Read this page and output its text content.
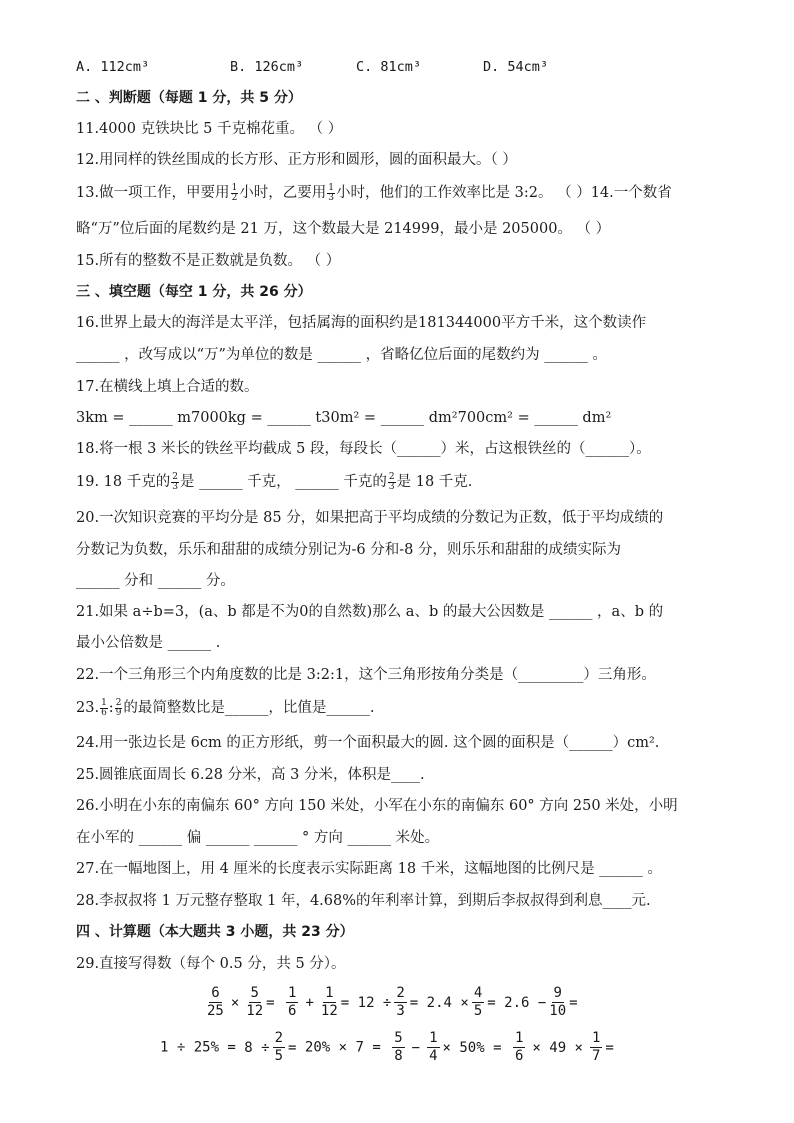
A. 112cm³	B. 126cm³	C. 81cm³	D. 54cm³
二 、判断题（每题 1 分，共 5 分）
11.4000 克铁块比 5 千克棉花重。 （ ）
12.用同样的铁丝围成的长方形、正方形和圆形，圆的面积最大。（ ）
13.做一项工作，甲要用 $\frac{1}{2}$ 小时，乙要用 $\frac{1}{3}$ 小时，他们的工作效率比是 3:2。 （ ）14.一个数省
略“万”位后面的尾数约是 21 万，这个数最大是 214999，最小是 205000。 （ ）
15.所有的整数不是正数就是负数。 （ ）
三 、填空题（每空 1 分，共 26 分）
16.世界上最大的海洋是太平洋，包括属海的面积约是181344000平方千米，这个数读作
______ ，改写成以“万”为单位的数是 ______ ，省略亿位后面的尾数约为 ______ 。
17.在横线上填上合适的数。
3km = ______ m7000kg = ______ t30m² = ______ dm²700cm² = ______ dm²
18.将一根 3 米长的铁丝平均截成 5 段，每段长（______）米，占这根铁丝的（______）。
19. 18 千克的 $\frac{2}{3}$ 是 ______ 千克， ______ 千克的 $\frac{2}{3}$ 是 18 千克.
20.一次知识竞赛的平均分是 85 分，如果把高于平均成绩的分数记为正数，低于平均成绩的
分数记为负数，乐乐和甜甜的成绩分别记为-6 分和-8 分，则乐乐和甜甜的成绩实际为
______ 分和 ______ 分。
21.如果 a÷b=3，(a、b 都是不为0的自然数)那么 a、b 的最大公因数是 ______ ，a、b 的
最小公倍数是 ______ .
22.一个三角形三个内角度数的比是 3:2:1，这个三角形按角分类是（_________）三角形。
23. $\frac{1}{6}$ : $\frac{2}{9}$ 的最简整数比是______，比值是______.
24.用一张边长是 6cm 的正方形纸，剪一个面积最大的圆. 这个圆的面积是（______）cm².
25.圆锥底面周长 6.28 分米，高 3 分米，体积是____.
26.小明在小东的南偏东 60° 方向 150 米处，小军在小东的南偏东 60° 方向 250 米处，小明
在小军的 ______ 偏 ______ ______ ° 方向 ______ 米处。
27.在一幅地图上，用 4 厘米的长度表示实际距离 18 千米，这幅地图的比例尺是 ______ 。
28.李叔叔将 1 万元整存整取 1 年，4.68%的年利率计算，到期后李叔叔得到利息____元.
四 、计算题（本大题共 3 小题，共 23 分）
29.直接写得数（每个 0.5 分，共 5 分）。
$\frac{6}{25} \times \frac{5}{12} = \frac{1}{6} + \frac{1}{12} = 12 \div \frac{2}{3} = 2.4 \times \frac{4}{5} = 2.6 - \frac{9}{10}$ =
$1 \div 25\% = 8 \div \frac{2}{5} = 20\% \times 7 = \frac{5}{8} - \frac{1}{4} \times 50\% = \frac{1}{6} \times 49 \times \frac{1}{7}$ =
